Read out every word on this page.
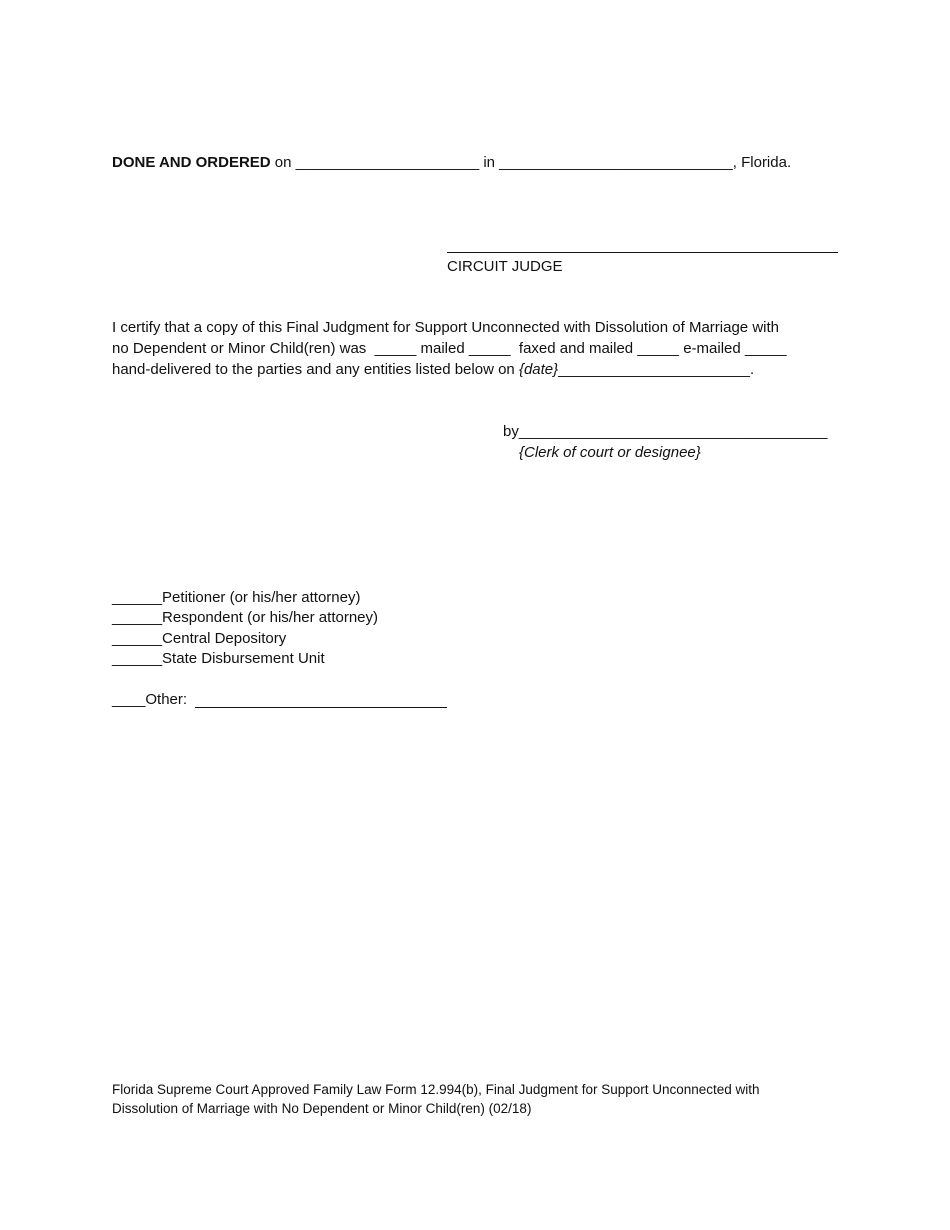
DONE AND ORDERED on ______________________ in ____________________________, Florida.
CIRCUIT JUDGE
I certify that a copy of this Final Judgment for Support Unconnected with Dissolution of Marriage with
no Dependent or Minor Child(ren) was  _____ mailed _____  faxed and mailed _____ e-mailed _____
hand-delivered to the parties and any entities listed below on {date}_______________________.
by_____________________________________
{Clerk of court or designee}
______Petitioner (or his/her attorney)
______Respondent (or his/her attorney)
______Central Depository
______State Disbursement Unit
____Other:
Florida Supreme Court Approved Family Law Form 12.994(b), Final Judgment for Support Unconnected with
Dissolution of Marriage with No Dependent or Minor Child(ren) (02/18)
